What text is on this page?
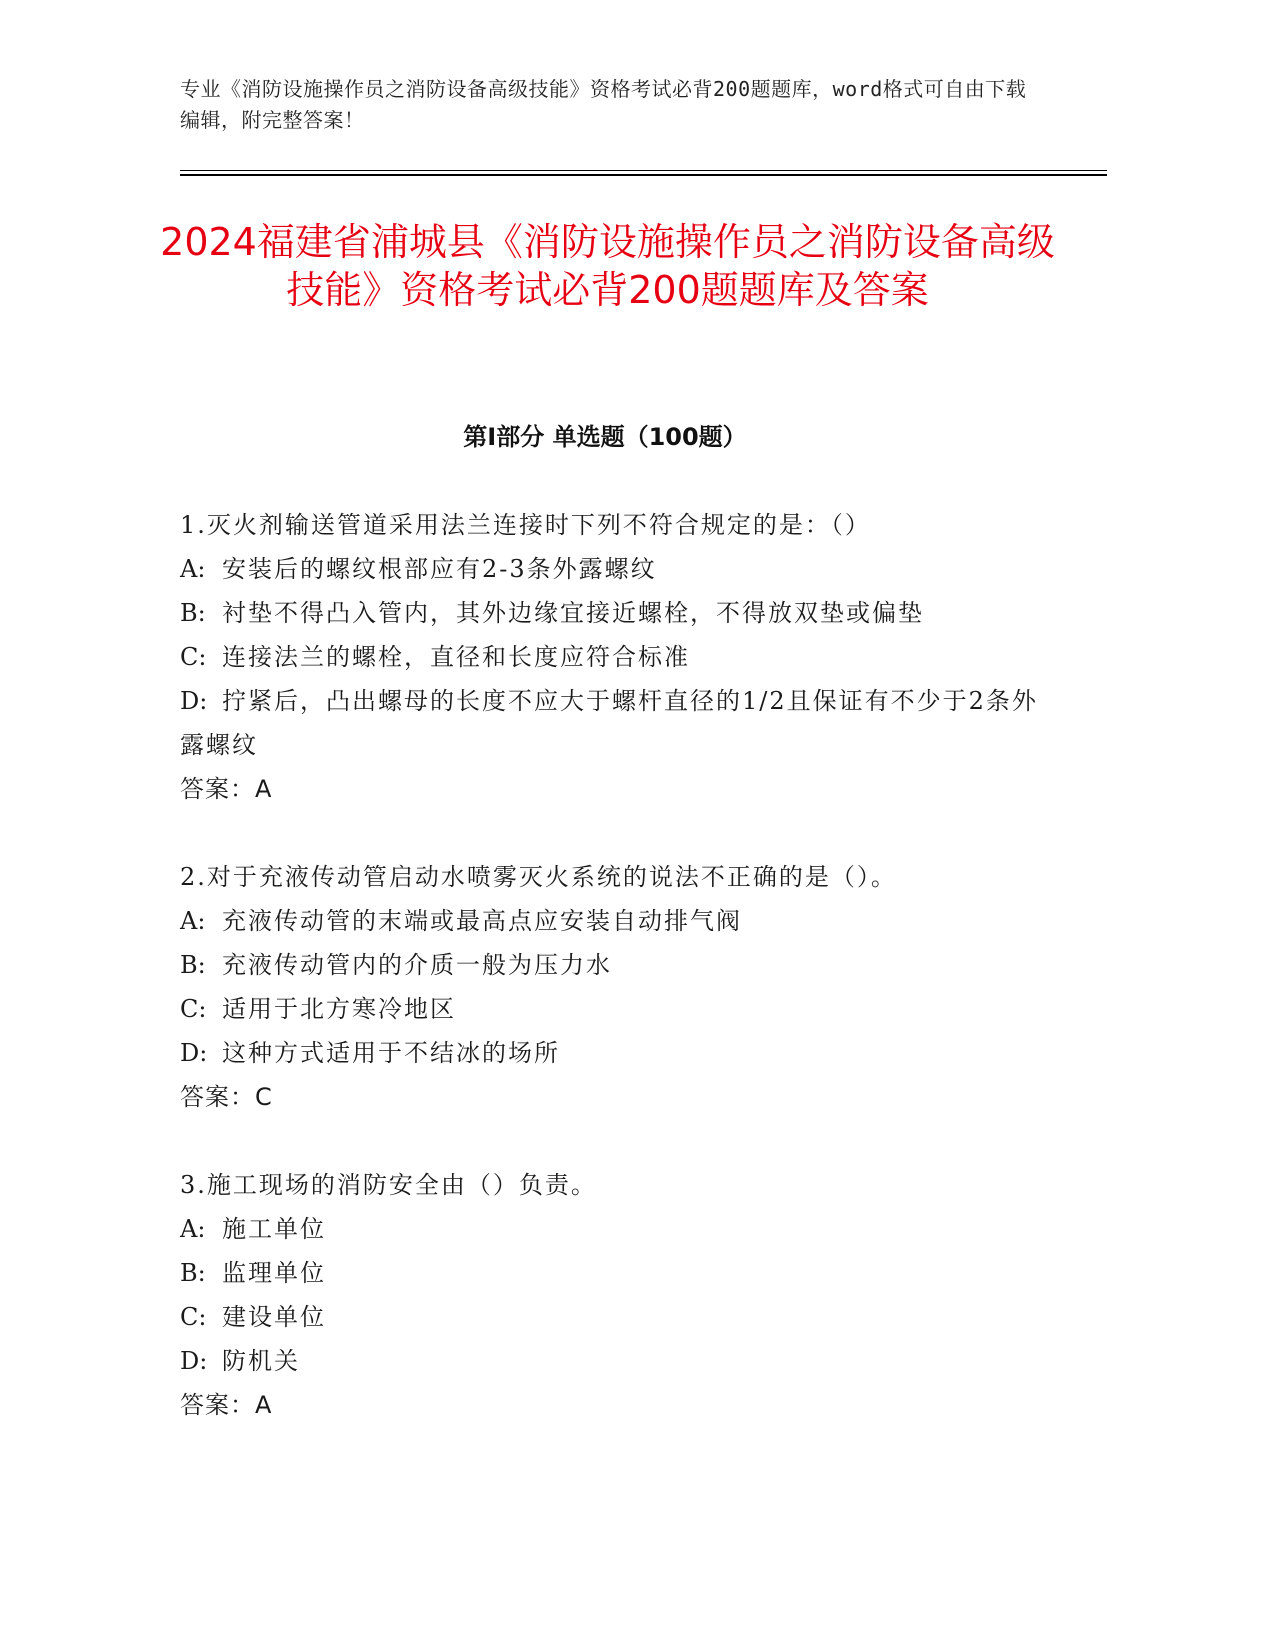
专业《消防设施操作员之消防设备高级技能》资格考试必背200题题库，word格式可自由下载编辑，附完整答案！
2024福建省浦城县《消防设施操作员之消防设备高级技能》资格考试必背200题题库及答案
第Ⅰ部分 单选题（100题）
1.灭火剂输送管道采用法兰连接时下列不符合规定的是：（）
A: 安装后的螺纹根部应有2-3条外露螺纹
B: 衬垫不得凸入管内，其外边缘宜接近螺栓，不得放双垫或偏垫
C: 连接法兰的螺栓，直径和长度应符合标准
D: 拧紧后，凸出螺母的长度不应大于螺杆直径的1/2且保证有不少于2条外露螺纹
答案：A
2.对于充液传动管启动水喷雾灭火系统的说法不正确的是（）。
A: 充液传动管的末端或最高点应安装自动排气阀
B: 充液传动管内的介质一般为压力水
C: 适用于北方寒冷地区
D: 这种方式适用于不结冰的场所
答案：C
3.施工现场的消防安全由（）负责。
A: 施工单位
B: 监理单位
C: 建设单位
D: 防机关
答案：A
